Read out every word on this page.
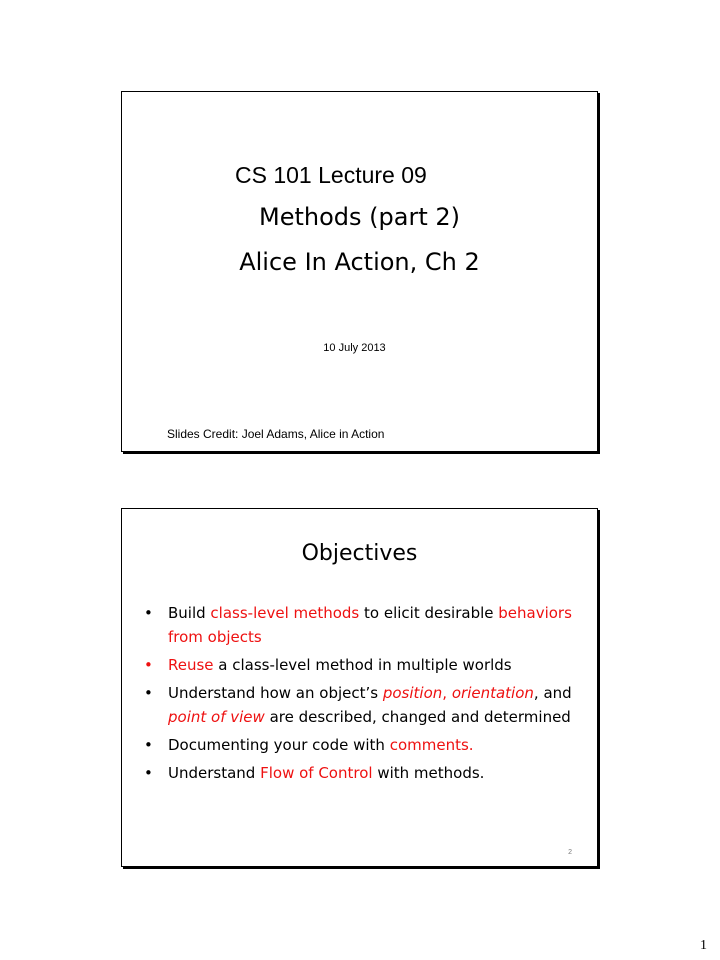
CS 101 Lecture 09
Methods (part 2)
Alice In Action, Ch 2
10 July 2013
Slides Credit: Joel Adams, Alice in Action
Objectives
• Build class-level methods to elicit desirable behaviors from objects
• Reuse a class-level method in multiple worlds
• Understand how an object’s position, orientation, and point of view are described, changed and determined
• Documenting your code with comments.
• Understand Flow of Control with methods.
2
1
